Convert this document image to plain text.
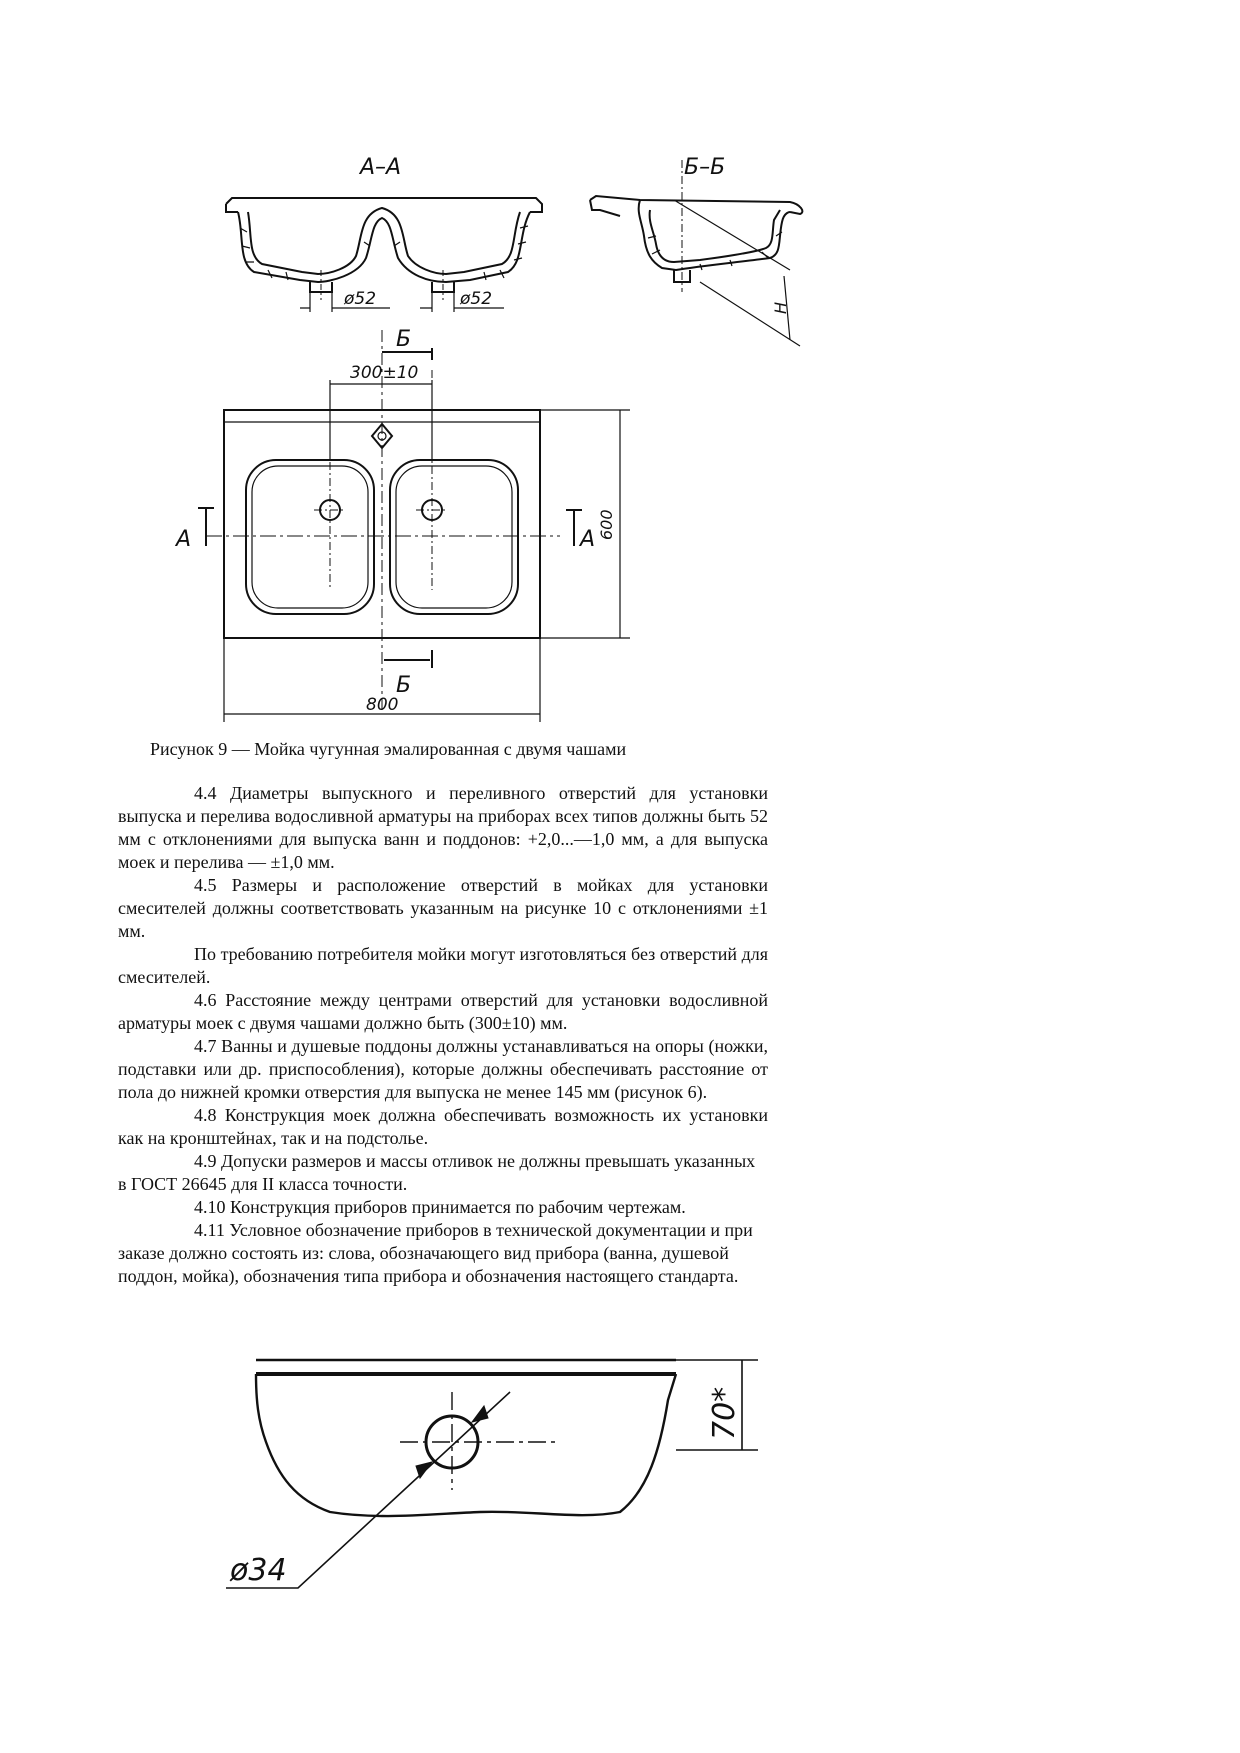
А–А
ø52	ø52
Б–Б
H
300±10
Б
Б
А	А 600
800
Рисунок 9 — Мойка чугунная эмалированная с двумя чашами

4.4 Диаметры выпускного и переливного отверстий для установки выпуска и перелива водосливной арматуры на приборах всех типов должны быть 52 мм с отклонениями для выпуска ванн и поддонов: +2,0...—1,0 мм, а для выпуска моек и перелива — ±1,0 мм.

4.5 Размеры и расположение отверстий в мойках для установки смесителей должны соответствовать указанным на рисунке 10 с отклонениями ±1 мм.

По требованию потребителя мойки могут изготовляться без отверстий для смесителей.

4.6 Расстояние между центрами отверстий для установки водосливной арматуры моек с двумя чашами должно быть (300±10) мм.

4.7 Ванны и душевые поддоны должны устанавливаться на опоры (ножки, подставки или др. приспособления), которые должны обеспечивать расстояние от пола до нижней кромки отверстия для выпуска не менее 145 мм (рисунок 6).

4.8 Конструкция моек должна обеспечивать возможность их установки как на кронштейнах, так и на подстолье.

4.9 Допуски размеров и массы отливок не должны превышать указанных в ГОСТ 26645 для II класса точности.

4.10 Конструкция приборов принимается по рабочим чертежам.

4.11 Условное обозначение приборов в технической документации и при заказе должно состоять из: слова, обозначающего вид прибора (ванна, душевой поддон, мойка), обозначения типа прибора и обозначения настоящего стандарта.

70*
ø34
